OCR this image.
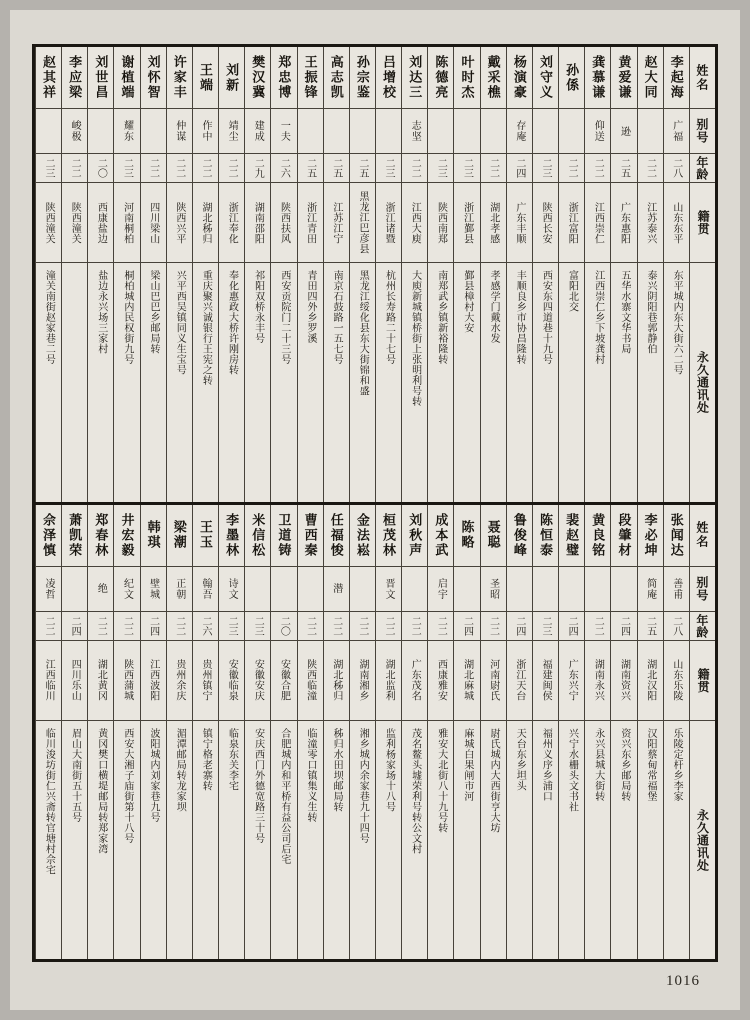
姓名
别号
年龄
籍贯
永久通讯处
李起海
广福
二八
山东东平
东平城内东大街六二号
赵大同
二二
江苏泰兴
泰兴阴阳巷郭静伯
黄爱谦
逊
二五
广东惠阳
五华水寨文华书局
龚慕谦
仰送
二二
江西崇仁
江西崇仁乡下坡龚村
孙係
二二
浙江富阳
富阳北交
刘守义
二三
陕西长安
西安东四道巷十九号
杨演豪
存庵
二四
广东丰顺
丰顺良乡市协昌隆转
戴采樵
二二
湖北孝感
孝感学门戴水发
叶时杰
二三
浙江鄞县
鄞县樟村大安
陈德亮
二三
陕西南郑
南郑武乡镇新裕隆转
刘达三
志坚
二二
江西大庾
大庾新城镇桥街上张明利号转
吕增校
二三
浙江诸暨
杭州长寿路二十七号
孙宗鉴
二五
黑龙江巴彦县
黑龙江绥化县东大街锦和盛
高志凯
二五
江苏江宁
南京石鼓路一五七号
王振锋
二五
浙江青田
青田四外乡罗溪
郑忠博
一夫
二六
陕西扶风
西安贡院门二十三号
樊汉冀
建成
二九
湖南邵阳
祁阳双桥永丰号
刘新
靖尘
二二
浙江奉化
奉化惠政大桥许刚房转
王端
作中
二二
湖北秭归
重庆聚兴诚银行王宪之转
许家丰
仲谋
二二
陕西兴平
兴平西吴镇同义生宝号
刘怀智
二二
四川梁山
梁山巴巴乡邮局转
谢植端
耀东
二三
河南桐柏
桐柏城内民权街九号
刘世昌
二〇
西康盐边
盐边永兴场三家村
李应梁
峻极
二二
陕西潼关
赵其祥
二三
陕西潼关
潼关南街赵家巷二号
姓名
别号
年龄
籍贯
永久通讯处
张闻达
善甫
二八
山东乐陵
乐陵定杆乡李家
李必坤
简庵
二五
湖北汉阳
汉阳蔡甸常福堡
段肇材
二四
湖南资兴
资兴东乡邮局转
黄良铭
二二
湖南永兴
永兴县城大街转
裴赵璧
二四
广东兴宁
兴宁水栅头文书社
陈恒泰
二三
福建闽侯
福州义序乡浦口
鲁俊峰
二四
浙江天台
天台东乡坦头
聂聪
圣昭
二二
河南尉氏
尉氏城内大西街亨大坊
陈略
二四
湖北麻城
麻城白果闸市河
成本武
启宇
二二
西康雅安
雅安大北街八十九号转
刘秋声
二二
广东茂名
茂名鳌头墟荣利号转公文村
桓茂林
晋文
二二
湖北监利
监利杨家场十八号
金法崧
二二
湖南湘乡
湘乡城内余家巷九十四号
任福悛
潜
二二
湖北秭归
秭归水田坝邮局转
曹西秦
二二
陕西临潼
临潼零口镇集义生转
卫道铸
二〇
安徽合肥
合肥城内和平桥有益公司后宅
米信松
二三
安徽安庆
安庆西门外德宽路三十号
李墨林
诗文
二三
安徽临泉
临泉东关李宅
王玉
翰吾
二六
贵州镇宁
镇宁格老寨转
梁潮
正朝
二二
贵州余庆
湄潭邮局转龙家坝
韩琪
壁城
二四
江西波阳
波阳城内刘家巷九号
井宏毅
纪文
二二
陕西蒲城
西安大湘子庙街第十八号
郑春林
绝
二二
湖北黄冈
黄冈樊口横堤邮局转郑家湾
萧凯荣
二四
四川乐山
眉山大南街五十五号
佘泽慎
凌哲
二二
江西临川
临川浚坊街仁兴斋转官塘村佘宅
1016
